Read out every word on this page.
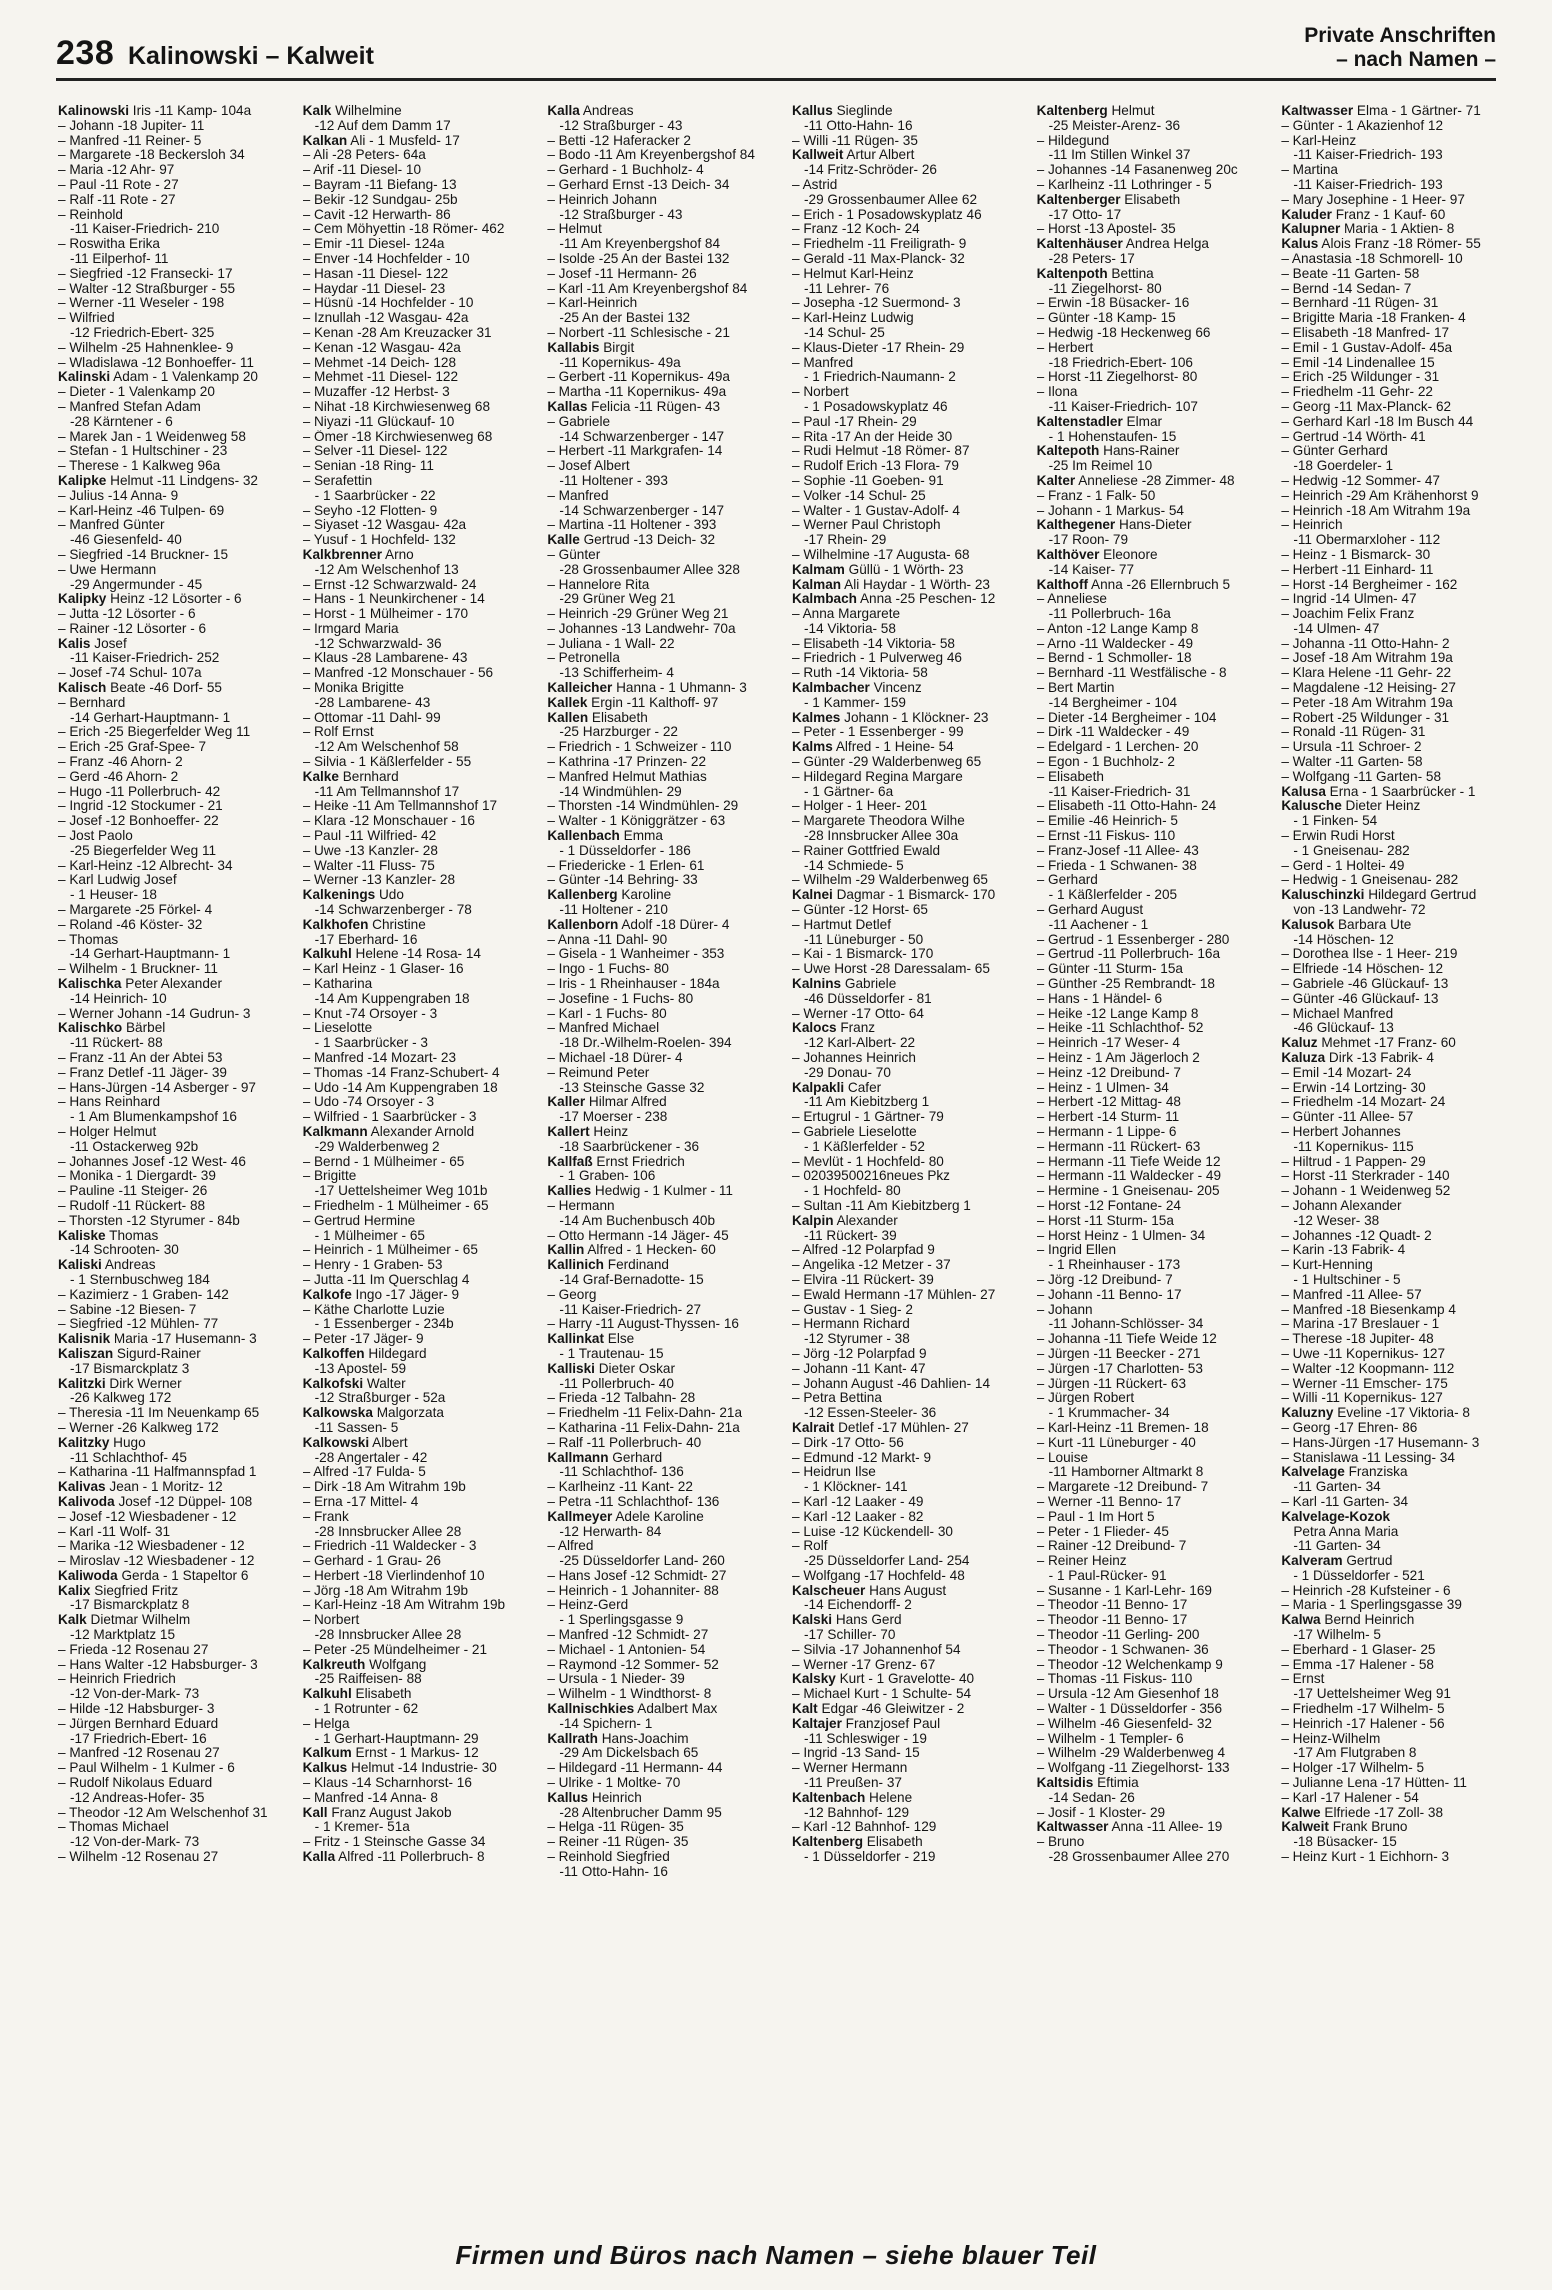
238 Kalinowski – Kalweit
Private Anschriften
– nach Namen –
Kalinowski Iris -11 Kamp- 104a
– Johann -18 Jupiter- 11
– Manfred -11 Reiner- 5
– Margarete -18 Beckersloh 34
– Maria -12 Ahr- 97
– Paul -11 Rote - 27
– Ralf -11 Rote - 27
– Reinhold
-11 Kaiser-Friedrich- 210
– Roswitha Erika
-11 Eilperhof- 11
– Siegfried -12 Fransecki- 17
– Walter -12 Straßburger - 55
– Werner -11 Weseler - 198
– Wilfried
-12 Friedrich-Ebert- 325
– Wilhelm -25 Hahnenklee- 9
– Wladislawa -12 Bonhoeffer- 11
Kalinski Adam - 1 Valenkamp 20
– Dieter - 1 Valenkamp 20
– Manfred Stefan Adam
-28 Kärntener - 6
– Marek Jan - 1 Weidenweg 58
– Stefan - 1 Hultschiner - 23
– Therese - 1 Kalkweg 96a
Kalipke Helmut -11 Lindgens- 32
– Julius -14 Anna- 9
– Karl-Heinz -46 Tulpen- 69
– Manfred Günter
-46 Giesenfeld- 40
– Siegfried -14 Bruckner- 15
– Uwe Hermann
-29 Angermunder - 45
Kalipky Heinz -12 Lösorter - 6
– Jutta -12 Lösorter - 6
– Rainer -12 Lösorter - 6
Kalis Josef
-11 Kaiser-Friedrich- 252
– Josef -74 Schul- 107a
Kalisch Beate -46 Dorf- 55
– Bernhard
-14 Gerhart-Hauptmann- 1
– Erich -25 Biegerfelder Weg 11
– Erich -25 Graf-Spee- 7
– Franz -46 Ahorn- 2
– Gerd -46 Ahorn- 2
– Hugo -11 Pollerbruch- 42
– Ingrid -12 Stockumer - 21
– Josef -12 Bonhoeffer- 22
– Jost Paolo
-25 Biegerfelder Weg 11
– Karl-Heinz -12 Albrecht- 34
– Karl Ludwig Josef
- 1 Heuser- 18
– Margarete -25 Förkel- 4
– Roland -46 Köster- 32
– Thomas
-14 Gerhart-Hauptmann- 1
– Wilhelm - 1 Bruckner- 11
Kalischka Peter Alexander
-14 Heinrich- 10
– Werner Johann -14 Gudrun- 3
Kalischko Bärbel
-11 Rückert- 88
– Franz -11 An der Abtei 53
– Franz Detlef -11 Jäger- 39
– Hans-Jürgen -14 Asberger - 97
– Hans Reinhard
- 1 Am Blumenkampshof 16
– Holger Helmut
-11 Ostackerweg 92b
– Johannes Josef -12 West- 46
– Monika - 1 Diergardt- 39
– Pauline -11 Steiger- 26
– Rudolf -11 Rückert- 88
– Thorsten -12 Styrumer - 84b
Kaliske Thomas
-14 Schrooten- 30
Kaliski Andreas
- 1 Sternbuschweg 184
– Kazimierz - 1 Graben- 142
– Sabine -12 Biesen- 7
– Siegfried -12 Mühlen- 77
Kalisnik Maria -17 Husemann- 3
Kaliszan Sigurd-Rainer
-17 Bismarckplatz 3
Kalitzki Dirk Werner
-26 Kalkweg 172
– Theresia -11 Im Neuenkamp 65
– Werner -26 Kalkweg 172
Kalitzky Hugo
-11 Schlachthof- 45
– Katharina -11 Halfmannspfad 1
Kalivas Jean - 1 Moritz- 12
Kalivoda Josef -12 Düppel- 108
– Josef -12 Wiesbadener - 12
– Karl -11 Wolf- 31
– Marika -12 Wiesbadener - 12
– Miroslav -12 Wiesbadener - 12
Kaliwoda Gerda - 1 Stapeltor 6
Kalix Siegfried Fritz
-17 Bismarckplatz 8
Kalk Dietmar Wilhelm
-12 Marktplatz 15
– Frieda -12 Rosenau 27
– Hans Walter -12 Habsburger- 3
– Heinrich Friedrich
-12 Von-der-Mark- 73
– Hilde -12 Habsburger- 3
– Jürgen Bernhard Eduard
-17 Friedrich-Ebert- 16
– Manfred -12 Rosenau 27
– Paul Wilhelm - 1 Kulmer - 6
– Rudolf Nikolaus Eduard
-12 Andreas-Hofer- 35
– Theodor -12 Am Welschenhof 31
– Thomas Michael
-12 Von-der-Mark- 73
– Wilhelm -12 Rosenau 27
Kalk Wilhelmine
-12 Auf dem Damm 17
Kalkan Ali - 1 Musfeld- 17
– Ali -28 Peters- 64a
– Arif -11 Diesel- 10
– Bayram -11 Biefang- 13
– Bekir -12 Sundgau- 25b
– Cavit -12 Herwarth- 86
– Cem Möhyettin -18 Römer- 462
– Emir -11 Diesel- 124a
– Enver -14 Hochfelder - 10
– Hasan -11 Diesel- 122
– Haydar -11 Diesel- 23
– Hüsnü -14 Hochfelder - 10
– Iznullah -12 Wasgau- 42a
– Kenan -28 Am Kreuzacker 31
– Kenan -12 Wasgau- 42a
– Mehmet -14 Deich- 128
– Mehmet -11 Diesel- 122
– Muzaffer -12 Herbst- 3
– Nihat -18 Kirchwiesenweg 68
– Niyazi -11 Glückauf- 10
– Ömer -18 Kirchwiesenweg 68
– Selver -11 Diesel- 122
– Senian -18 Ring- 11
– Serafettin
- 1 Saarbrücker - 22
– Seyho -12 Flotten- 9
– Siyaset -12 Wasgau- 42a
– Yusuf - 1 Hochfeld- 132
Kalkbrenner Arno
-12 Am Welschenhof 13
– Ernst -12 Schwarzwald- 24
– Hans - 1 Neunkirchener - 14
– Horst - 1 Mülheimer - 170
– Irmgard Maria
-12 Schwarzwald- 36
– Klaus -28 Lambarene- 43
– Manfred -12 Monschauer - 56
– Monika Brigitte
-28 Lambarene- 43
– Ottomar -11 Dahl- 99
– Rolf Ernst
-12 Am Welschenhof 58
– Silvia - 1 Käßlerfelder - 55
Kalke Bernhard
-11 Am Tellmannshof 17
– Heike -11 Am Tellmannshof 17
– Klara -12 Monschauer - 16
– Paul -11 Wilfried- 42
– Uwe -13 Kanzler- 28
– Walter -11 Fluss- 75
– Werner -13 Kanzler- 28
Kalkenings Udo
-14 Schwarzenberger - 78
Kalkhofen Christine
-17 Eberhard- 16
Kalkuhl Helene -14 Rosa- 14
– Karl Heinz - 1 Glaser- 16
– Katharina
-14 Am Kuppengraben 18
– Knut -74 Orsoyer - 3
– Lieselotte
- 1 Saarbrücker - 3
– Manfred -14 Mozart- 23
– Thomas -14 Franz-Schubert- 4
– Udo -14 Am Kuppengraben 18
– Udo -74 Orsoyer - 3
– Wilfried - 1 Saarbrücker - 3
Kalkmann Alexander Arnold
-29 Walderbenweg 2
– Bernd - 1 Mülheimer - 65
– Brigitte
-17 Uettelsheimer Weg 101b
– Friedhelm - 1 Mülheimer - 65
– Gertrud Hermine
- 1 Mülheimer - 65
– Heinrich - 1 Mülheimer - 65
– Henry - 1 Graben- 53
– Jutta -11 Im Querschlag 4
Kalkofe Ingo -17 Jäger- 9
– Käthe Charlotte Luzie
- 1 Essenberger - 234b
– Peter -17 Jäger- 9
Kalkoffen Hildegard
-13 Apostel- 59
Kalkofski Walter
-12 Straßburger - 52a
Kalkowska Malgorzata
-11 Sassen- 5
Kalkowski Albert
-28 Angertaler - 42
– Alfred -17 Fulda- 5
– Dirk -18 Am Witrahm 19b
– Erna -17 Mittel- 4
– Frank
-28 Innsbrucker Allee 28
– Friedrich -11 Waldecker - 3
– Gerhard - 1 Grau- 26
– Herbert -18 Vierlindenhof 10
– Jörg -18 Am Witrahm 19b
– Karl-Heinz -18 Am Witrahm 19b
– Norbert
-28 Innsbrucker Allee 28
– Peter -25 Mündelheimer - 21
Kalkreuth Wolfgang
-25 Raiffeisen- 88
Kalkuhl Elisabeth
- 1 Rotrunter - 62
– Helga
- 1 Gerhart-Hauptmann- 29
Kalkum Ernst - 1 Markus- 12
Kalkus Helmut -14 Industrie- 30
– Klaus -14 Scharnhorst- 16
– Manfred -14 Anna- 8
Kall Franz August Jakob
- 1 Kremer- 51a
– Fritz - 1 Steinsche Gasse 34
Kalla Alfred -11 Pollerbruch- 8
Kalla Andreas
-12 Straßburger - 43
– Betti -12 Haferacker 2
– Bodo -11 Am Kreyenbergshof 84
– Gerhard - 1 Buchholz- 4
– Gerhard Ernst -13 Deich- 34
– Heinrich Johann
-12 Straßburger - 43
– Helmut
-11 Am Kreyenbergshof 84
– Isolde -25 An der Bastei 132
– Josef -11 Hermann- 26
– Karl -11 Am Kreyenbergshof 84
– Karl-Heinrich
-25 An der Bastei 132
– Norbert -11 Schlesische - 21
Kallabis Birgit
-11 Kopernikus- 49a
– Gerbert -11 Kopernikus- 49a
– Martha -11 Kopernikus- 49a
Kallas Felicia -11 Rügen- 43
– Gabriele
-14 Schwarzenberger - 147
– Herbert -11 Markgrafen- 14
– Josef Albert
-11 Holtener - 393
– Manfred
-14 Schwarzenberger - 147
– Martina -11 Holtener - 393
Kalle Gertrud -13 Deich- 32
– Günter
-28 Grossenbaumer Allee 328
– Hannelore Rita
-29 Grüner Weg 21
– Heinrich -29 Grüner Weg 21
– Johannes -13 Landwehr- 70a
– Juliana - 1 Wall- 22
– Petronella
-13 Schifferheim- 4
Kalleicher Hanna - 1 Uhmann- 3
Kallek Ergin -11 Kalthoff- 97
Kallen Elisabeth
-25 Harzburger - 22
– Friedrich - 1 Schweizer - 110
– Kathrina -17 Prinzen- 22
– Manfred Helmut Mathias
-14 Windmühlen- 29
– Thorsten -14 Windmühlen- 29
– Walter - 1 Königgrätzer - 63
Kallenbach Emma
- 1 Düsseldorfer - 186
– Friedericke - 1 Erlen- 61
– Günter -14 Behring- 33
Kallenberg Karoline
-11 Holtener - 210
Kallenborn Adolf -18 Dürer- 4
– Anna -11 Dahl- 90
– Gisela - 1 Wanheimer - 353
– Ingo - 1 Fuchs- 80
– Iris - 1 Rheinhauser - 184a
– Josefine - 1 Fuchs- 80
– Karl - 1 Fuchs- 80
– Manfred Michael
-18 Dr.-Wilhelm-Roelen- 394
– Michael -18 Dürer- 4
– Reimund Peter
-13 Steinsche Gasse 32
Kaller Hilmar Alfred
-17 Moerser - 238
Kallert Heinz
-18 Saarbrückener - 36
Kallfaß Ernst Friedrich
- 1 Graben- 106
Kallies Hedwig - 1 Kulmer - 11
– Hermann
-14 Am Buchenbusch 40b
– Otto Hermann -14 Jäger- 45
Kallin Alfred - 1 Hecken- 60
Kallinich Ferdinand
-14 Graf-Bernadotte- 15
– Georg
-11 Kaiser-Friedrich- 27
– Harry -11 August-Thyssen- 16
Kallinkat Else
- 1 Trautenau- 15
Kalliski Dieter Oskar
-11 Pollerbruch- 40
– Frieda -12 Talbahn- 28
– Friedhelm -11 Felix-Dahn- 21a
– Katharina -11 Felix-Dahn- 21a
– Ralf -11 Pollerbruch- 40
Kallmann Gerhard
-11 Schlachthof- 136
– Karlheinz -11 Kant- 22
– Petra -11 Schlachthof- 136
Kallmeyer Adele Karoline
-12 Herwarth- 84
– Alfred
-25 Düsseldorfer Land- 260
– Hans Josef -12 Schmidt- 27
– Heinrich - 1 Johanniter- 88
– Heinz-Gerd
- 1 Sperlingsgasse 9
– Manfred -12 Schmidt- 27
– Michael - 1 Antonien- 54
– Raymond -12 Sommer- 52
– Ursula - 1 Nieder- 39
– Wilhelm - 1 Windthorst- 8
Kallnischkies Adalbert Max
-14 Spichern- 1
Kallrath Hans-Joachim
-29 Am Dickelsbach 65
– Hildegard -11 Hermann- 44
– Ulrike - 1 Moltke- 70
Kallus Heinrich
-28 Altenbrucher Damm 95
– Helga -11 Rügen- 35
– Reiner -11 Rügen- 35
– Reinhold Siegfried
-11 Otto-Hahn- 16
Kallus Sieglinde
-11 Otto-Hahn- 16
– Willi -11 Rügen- 35
Kallweit Artur Albert
-14 Fritz-Schröder- 26
– Astrid
-29 Grossenbaumer Allee 62
– Erich - 1 Posadowskyplatz 46
– Franz -12 Koch- 24
– Friedhelm -11 Freiligrath- 9
– Gerald -11 Max-Planck- 32
– Helmut Karl-Heinz
-11 Lehrer- 76
– Josepha -12 Suermond- 3
– Karl-Heinz Ludwig
-14 Schul- 25
– Klaus-Dieter -17 Rhein- 29
– Manfred
- 1 Friedrich-Naumann- 2
– Norbert
- 1 Posadowskyplatz 46
– Paul -17 Rhein- 29
– Rita -17 An der Heide 30
– Rudi Helmut -18 Römer- 87
– Rudolf Erich -13 Flora- 79
– Sophie -11 Goeben- 91
– Volker -14 Schul- 25
– Walter - 1 Gustav-Adolf- 4
– Werner Paul Christoph
-17 Rhein- 29
– Wilhelmine -17 Augusta- 68
Kalmam Güllü - 1 Wörth- 23
Kalman Ali Haydar - 1 Wörth- 23
Kalmbach Anna -25 Peschen- 12
– Anna Margarete
-14 Viktoria- 58
– Elisabeth -14 Viktoria- 58
– Friedrich - 1 Pulverweg 46
– Ruth -14 Viktoria- 58
Kalmbacher Vincenz
- 1 Kammer- 159
Kalmes Johann - 1 Klöckner- 23
– Peter - 1 Essenberger - 99
Kalms Alfred - 1 Heine- 54
– Günter -29 Walderbenweg 65
– Hildegard Regina Margare
- 1 Gärtner- 6a
– Holger - 1 Heer- 201
– Margarete Theodora Wilhe
-28 Innsbrucker Allee 30a
– Rainer Gottfried Ewald
-14 Schmiede- 5
– Wilhelm -29 Walderbenweg 65
Kalnei Dagmar - 1 Bismarck- 170
– Günter -12 Horst- 65
– Hartmut Detlef
-11 Lüneburger - 50
– Kai - 1 Bismarck- 170
– Uwe Horst -28 Daressalam- 65
Kalnins Gabriele
-46 Düsseldorfer - 81
– Werner -17 Otto- 64
Kalocs Franz
-12 Karl-Albert- 22
– Johannes Heinrich
-29 Donau- 70
Kalpakli Cafer
-11 Am Kiebitzberg 1
– Ertugrul - 1 Gärtner- 79
– Gabriele Lieselotte
- 1 Käßlerfelder - 52
– Mevlüt - 1 Hochfeld- 80
– 02039500216neues Pkz
- 1 Hochfeld- 80
– Sultan -11 Am Kiebitzberg 1
Kalpin Alexander
-11 Rückert- 39
– Alfred -12 Polarpfad 9
– Angelika -12 Metzer - 37
– Elvira -11 Rückert- 39
– Ewald Hermann -17 Mühlen- 27
– Gustav - 1 Sieg- 2
– Hermann Richard
-12 Styrumer - 38
– Jörg -12 Polarpfad 9
– Johann -11 Kant- 47
– Johann August -46 Dahlien- 14
– Petra Bettina
-12 Essen-Steeler- 36
Kalrait Detlef -17 Mühlen- 27
– Dirk -17 Otto- 56
– Edmund -12 Markt- 9
– Heidrun Ilse
- 1 Klöckner- 141
– Karl -12 Laaker - 49
– Karl -12 Laaker - 82
– Luise -12 Kückendell- 30
– Rolf
-25 Düsseldorfer Land- 254
– Wolfgang -17 Hochfeld- 48
Kalscheuer Hans August
-14 Eichendorff- 2
Kalski Hans Gerd
-17 Schiller- 70
– Silvia -17 Johannenhof 54
– Werner -17 Grenz- 67
Kalsky Kurt - 1 Gravelotte- 40
– Michael Kurt - 1 Schulte- 54
Kalt Edgar -46 Gleiwitzer - 2
Kaltajer Franzjosef Paul
-11 Schleswiger - 19
– Ingrid -13 Sand- 15
– Werner Hermann
-11 Preußen- 37
Kaltenbach Helene
-12 Bahnhof- 129
– Karl -12 Bahnhof- 129
Kaltenberg Elisabeth
- 1 Düsseldorfer - 219
Kaltenberg Helmut
-25 Meister-Arenz- 36
– Hildegund
-11 Im Stillen Winkel 37
– Johannes -14 Fasanenweg 20c
– Karlheinz -11 Lothringer - 5
Kaltenberger Elisabeth
-17 Otto- 17
– Horst -13 Apostel- 35
Kaltenhäuser Andrea Helga
-28 Peters- 17
Kaltenpoth Bettina
-11 Ziegelhorst- 80
– Erwin -18 Büsacker- 16
– Günter -18 Kamp- 15
– Hedwig -18 Heckenweg 66
– Herbert
-18 Friedrich-Ebert- 106
– Horst -11 Ziegelhorst- 80
– Ilona
-11 Kaiser-Friedrich- 107
Kaltenstadler Elmar
- 1 Hohenstaufen- 15
Kaltepoth Hans-Rainer
-25 Im Reimel 10
Kalter Anneliese -28 Zimmer- 48
– Franz - 1 Falk- 50
– Johann - 1 Markus- 54
Kalthegener Hans-Dieter
-17 Roon- 79
Kalthöver Eleonore
-14 Kaiser- 77
Kalthoff Anna -26 Ellernbruch 5
– Anneliese
-11 Pollerbruch- 16a
– Anton -12 Lange Kamp 8
– Arno -11 Waldecker - 49
– Bernd - 1 Schmoller- 18
– Bernhard -11 Westfälische - 8
– Bert Martin
-14 Bergheimer - 104
– Dieter -14 Bergheimer - 104
– Dirk -11 Waldecker - 49
– Edelgard - 1 Lerchen- 20
– Egon - 1 Buchholz- 2
– Elisabeth
-11 Kaiser-Friedrich- 31
– Elisabeth -11 Otto-Hahn- 24
– Emilie -46 Heinrich- 5
– Ernst -11 Fiskus- 110
– Franz-Josef -11 Allee- 43
– Frieda - 1 Schwanen- 38
– Gerhard
- 1 Käßlerfelder - 205
– Gerhard August
-11 Aachener - 1
– Gertrud - 1 Essenberger - 280
– Gertrud -11 Pollerbruch- 16a
– Günter -11 Sturm- 15a
– Günther -25 Rembrandt- 18
– Hans - 1 Händel- 6
– Heike -12 Lange Kamp 8
– Heike -11 Schlachthof- 52
– Heinrich -17 Weser- 4
– Heinz - 1 Am Jägerloch 2
– Heinz -12 Dreibund- 7
– Heinz - 1 Ulmen- 34
– Herbert -12 Mittag- 48
– Herbert -14 Sturm- 11
– Hermann - 1 Lippe- 6
– Hermann -11 Rückert- 63
– Hermann -11 Tiefe Weide 12
– Hermann -11 Waldecker - 49
– Hermine - 1 Gneisenau- 205
– Horst -12 Fontane- 24
– Horst -11 Sturm- 15a
– Horst Heinz - 1 Ulmen- 34
– Ingrid Ellen
- 1 Rheinhauser - 173
– Jörg -12 Dreibund- 7
– Johann -11 Benno- 17
– Johann
-11 Johann-Schlösser- 34
– Johanna -11 Tiefe Weide 12
– Jürgen -11 Beecker - 271
– Jürgen -17 Charlotten- 53
– Jürgen -11 Rückert- 63
– Jürgen Robert
- 1 Krummacher- 34
– Karl-Heinz -11 Bremen- 18
– Kurt -11 Lüneburger - 40
– Louise
-11 Hamborner Altmarkt 8
– Margarete -12 Dreibund- 7
– Werner -11 Benno- 17
– Paul - 1 Im Hort 5
– Peter - 1 Flieder- 45
– Rainer -12 Dreibund- 7
– Reiner Heinz
- 1 Paul-Rücker- 91
– Susanne - 1 Karl-Lehr- 169
– Theodor -11 Benno- 17
– Theodor -11 Benno- 17
– Theodor -11 Gerling- 200
– Theodor - 1 Schwanen- 36
– Theodor -12 Welchenkamp 9
– Thomas -11 Fiskus- 110
– Ursula -12 Am Giesenhof 18
– Walter - 1 Düsseldorfer - 356
– Wilhelm -46 Giesenfeld- 32
– Wilhelm - 1 Templer- 6
– Wilhelm -29 Walderbenweg 4
– Wolfgang -11 Ziegelhorst- 133
Kaltsidis Eftimia
-14 Sedan- 26
– Josif - 1 Kloster- 29
Kaltwasser Anna -11 Allee- 19
– Bruno
-28 Grossenbaumer Allee 270
Kaltwasser Elma - 1 Gärtner- 71
– Günter - 1 Akazienhof 12
– Karl-Heinz
-11 Kaiser-Friedrich- 193
– Martina
-11 Kaiser-Friedrich- 193
– Mary Josephine - 1 Heer- 97
Kaluder Franz - 1 Kauf- 60
Kalupner Maria - 1 Aktien- 8
Kalus Alois Franz -18 Römer- 55
– Anastasia -18 Schmorell- 10
– Beate -11 Garten- 58
– Bernd -14 Sedan- 7
– Bernhard -11 Rügen- 31
– Brigitte Maria -18 Franken- 4
– Elisabeth -18 Manfred- 17
– Emil - 1 Gustav-Adolf- 45a
– Emil -14 Lindenallee 15
– Erich -25 Wildunger - 31
– Friedhelm -11 Gehr- 22
– Georg -11 Max-Planck- 62
– Gerhard Karl -18 Im Busch 44
– Gertrud -14 Wörth- 41
– Günter Gerhard
-18 Goerdeler- 1
– Hedwig -12 Sommer- 47
– Heinrich -29 Am Krähenhorst 9
– Heinrich -18 Am Witrahm 19a
– Heinrich
-11 Obermarxloher - 112
– Heinz - 1 Bismarck- 30
– Herbert -11 Einhard- 11
– Horst -14 Bergheimer - 162
– Ingrid -14 Ulmen- 47
– Joachim Felix Franz
-14 Ulmen- 47
– Johanna -11 Otto-Hahn- 2
– Josef -18 Am Witrahm 19a
– Klara Helene -11 Gehr- 22
– Magdalene -12 Heising- 27
– Peter -18 Am Witrahm 19a
– Robert -25 Wildunger - 31
– Ronald -11 Rügen- 31
– Ursula -11 Schroer- 2
– Walter -11 Garten- 58
– Wolfgang -11 Garten- 58
Kalusa Erna - 1 Saarbrücker - 1
Kalusche Dieter Heinz
- 1 Finken- 54
– Erwin Rudi Horst
- 1 Gneisenau- 282
– Gerd - 1 Holtei- 49
– Hedwig - 1 Gneisenau- 282
Kaluschinzki Hildegard Gertrud
von -13 Landwehr- 72
Kalusok Barbara Ute
-14 Höschen- 12
– Dorothea Ilse - 1 Heer- 219
– Elfriede -14 Höschen- 12
– Gabriele -46 Glückauf- 13
– Günter -46 Glückauf- 13
– Michael Manfred
-46 Glückauf- 13
Kaluz Mehmet -17 Franz- 60
Kaluza Dirk -13 Fabrik- 4
– Emil -14 Mozart- 24
– Erwin -14 Lortzing- 30
– Friedhelm -14 Mozart- 24
– Günter -11 Allee- 57
– Herbert Johannes
-11 Kopernikus- 115
– Hiltrud - 1 Pappen- 29
– Horst -11 Sterkrader - 140
– Johann - 1 Weidenweg 52
– Johann Alexander
-12 Weser- 38
– Johannes -12 Quadt- 2
– Karin -13 Fabrik- 4
– Kurt-Henning
- 1 Hultschiner - 5
– Manfred -11 Allee- 57
– Manfred -18 Biesenkamp 4
– Marina -17 Breslauer - 1
– Therese -18 Jupiter- 48
– Uwe -11 Kopernikus- 127
– Walter -12 Koopmann- 112
– Werner -11 Emscher- 175
– Willi -11 Kopernikus- 127
Kaluzny Eveline -17 Viktoria- 8
– Georg -17 Ehren- 86
– Hans-Jürgen -17 Husemann- 3
– Stanislawa -11 Lessing- 34
Kalvelage Franziska
-11 Garten- 34
– Karl -11 Garten- 34
Kalvelage-Kozok
Petra Anna Maria
-11 Garten- 34
Kalveram Gertrud
- 1 Düsseldorfer - 521
– Heinrich -28 Kufsteiner - 6
– Maria - 1 Sperlingsgasse 39
Kalwa Bernd Heinrich
-17 Wilhelm- 5
– Eberhard - 1 Glaser- 25
– Emma -17 Halener - 58
– Ernst
-17 Uettelsheimer Weg 91
– Friedhelm -17 Wilhelm- 5
– Heinrich -17 Halener - 56
– Heinz-Wilhelm
-17 Am Flutgraben 8
– Holger -17 Wilhelm- 5
– Julianne Lena -17 Hütten- 11
– Karl -17 Halener - 54
Kalwe Elfriede -17 Zoll- 38
Kalweit Frank Bruno
-18 Büsacker- 15
– Heinz Kurt - 1 Eichhorn- 3
Firmen und Büros nach Namen – siehe blauer Teil
